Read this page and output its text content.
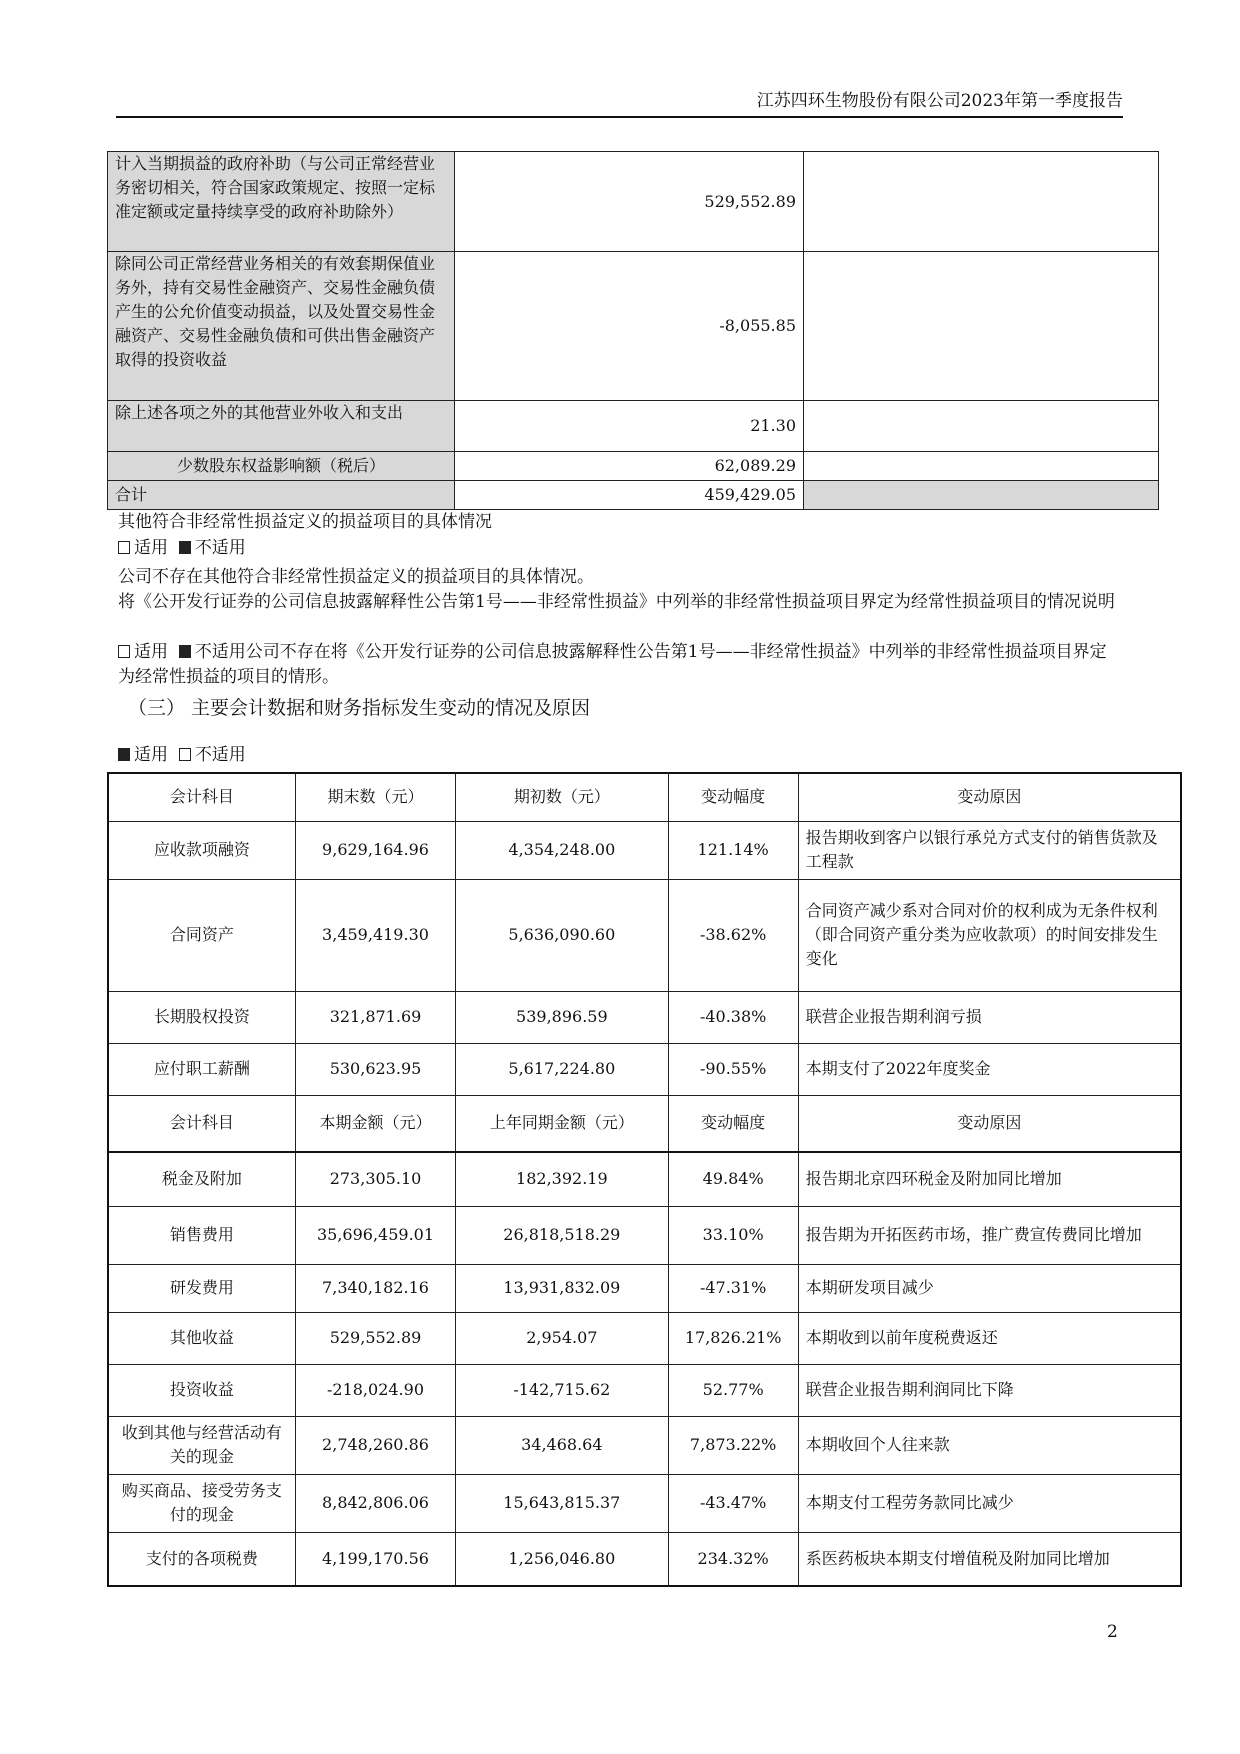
江苏四环生物股份有限公司2023年第一季度报告
计入当期损益的政府补助（与公司正常经营业务密切相关，符合国家政策规定、按照一定标准定额或定量持续享受的政府补助除外）	529,552.89	
除同公司正常经营业务相关的有效套期保值业务外，持有交易性金融资产、交易性金融负债产生的公允价值变动损益，以及处置交易性金融资产、交易性金融负债和可供出售金融资产取得的投资收益	-8,055.85	
除上述各项之外的其他营业外收入和支出	21.30	
少数股东权益影响额（税后）	62,089.29	
合计	459,429.05	
其他符合非经常性损益定义的损益项目的具体情况
适用 不适用
公司不存在其他符合非经常性损益定义的损益项目的具体情况。
将《公开发行证券的公司信息披露解释性公告第1号——非经常性损益》中列举的非经常性损益项目界定为经常性损益项目的情况说明
适用 不适用公司不存在将《公开发行证券的公司信息披露解释性公告第1号——非经常性损益》中列举的非经常性损益项目界定为经常性损益的项目的情形。
（三） 主要会计数据和财务指标发生变动的情况及原因
适用 不适用
会计科目	期末数（元）	期初数（元）	变动幅度	变动原因
应收款项融资	9,629,164.96	4,354,248.00	121.14%	报告期收到客户以银行承兑方式支付的销售货款及工程款
合同资产	3,459,419.30	5,636,090.60	-38.62%	合同资产减少系对合同对价的权利成为无条件权利（即合同资产重分类为应收款项）的时间安排发生变化
长期股权投资	321,871.69	539,896.59	-40.38%	联营企业报告期利润亏损
应付职工薪酬	530,623.95	5,617,224.80	-90.55%	本期支付了2022年度奖金
会计科目	本期金额（元）	上年同期金额（元）	变动幅度	变动原因
税金及附加	273,305.10	182,392.19	49.84%	报告期北京四环税金及附加同比增加
销售费用	35,696,459.01	26,818,518.29	33.10%	报告期为开拓医药市场，推广费宣传费同比增加
研发费用	7,340,182.16	13,931,832.09	-47.31%	本期研发项目减少
其他收益	529,552.89	2,954.07	17,826.21%	本期收到以前年度税费返还
投资收益	-218,024.90	-142,715.62	52.77%	联营企业报告期利润同比下降
收到其他与经营活动有关的现金	2,748,260.86	34,468.64	7,873.22%	本期收回个人往来款
购买商品、接受劳务支付的现金	8,842,806.06	15,643,815.37	-43.47%	本期支付工程劳务款同比减少
支付的各项税费	4,199,170.56	1,256,046.80	234.32%	系医药板块本期支付增值税及附加同比增加
2
